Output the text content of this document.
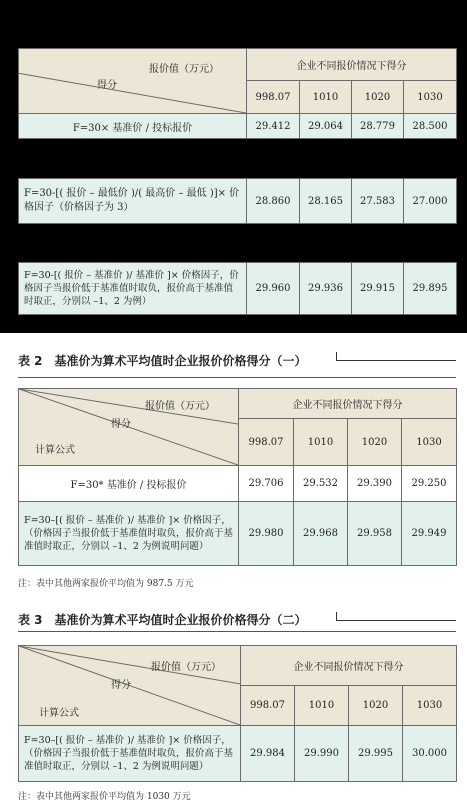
报价值（万元）
得分	企业不同报价情况下得分			
	998.07	1010	1020	1030
F=30× 基准价 / 投标报价	29.412	29.064	28.779	28.500
F=30-[( 报价 – 最低价 )/( 最高价 – 最低 )]× 价格因子（价格因子为 3）	28.860	28.165	27.583	27.000
F=30-[( 报价 – 基准价 )/ 基准价 ]× 价格因子，价格因子当报价低于基准值时取负，报价高于基准值时取正，分别以 –1、2 为例）	29.960	29.936	29.915	29.895
表 2　基准价为算术平均值时企业报价价格得分（一）
报价值（万元）
得分
计算公式	企业不同报价情况下得分			
	998.07	1010	1020	1030
F=30* 基准价 / 投标报价	29.706	29.532	29.390	29.250
F=30–[( 报价 – 基准价 )/ 基准价 ]× 价格因子，（价格因子当报价低于基准值时取负，报价高于基准值时取正，分别以 –1、2 为例说明问题）	29.980	29.968	29.958	29.949
注：表中其他两家报价平均值为 987.5 万元
表 3　基准价为算术平均值时企业报价价格得分（二）
报价值（万元）
得分
计算公式	企业不同报价情况下得分			
	998.07	1010	1020	1030
F=30–[( 报价 – 基准价 )/ 基准价 ]× 价格因子，（价格因子当报价低于基准值时取负，报价高于基准值时取正，分别以 –1、2 为例说明问题）	29.984	29.990	29.995	30.000
注：表中其他两家报价平均值为 1030 万元
